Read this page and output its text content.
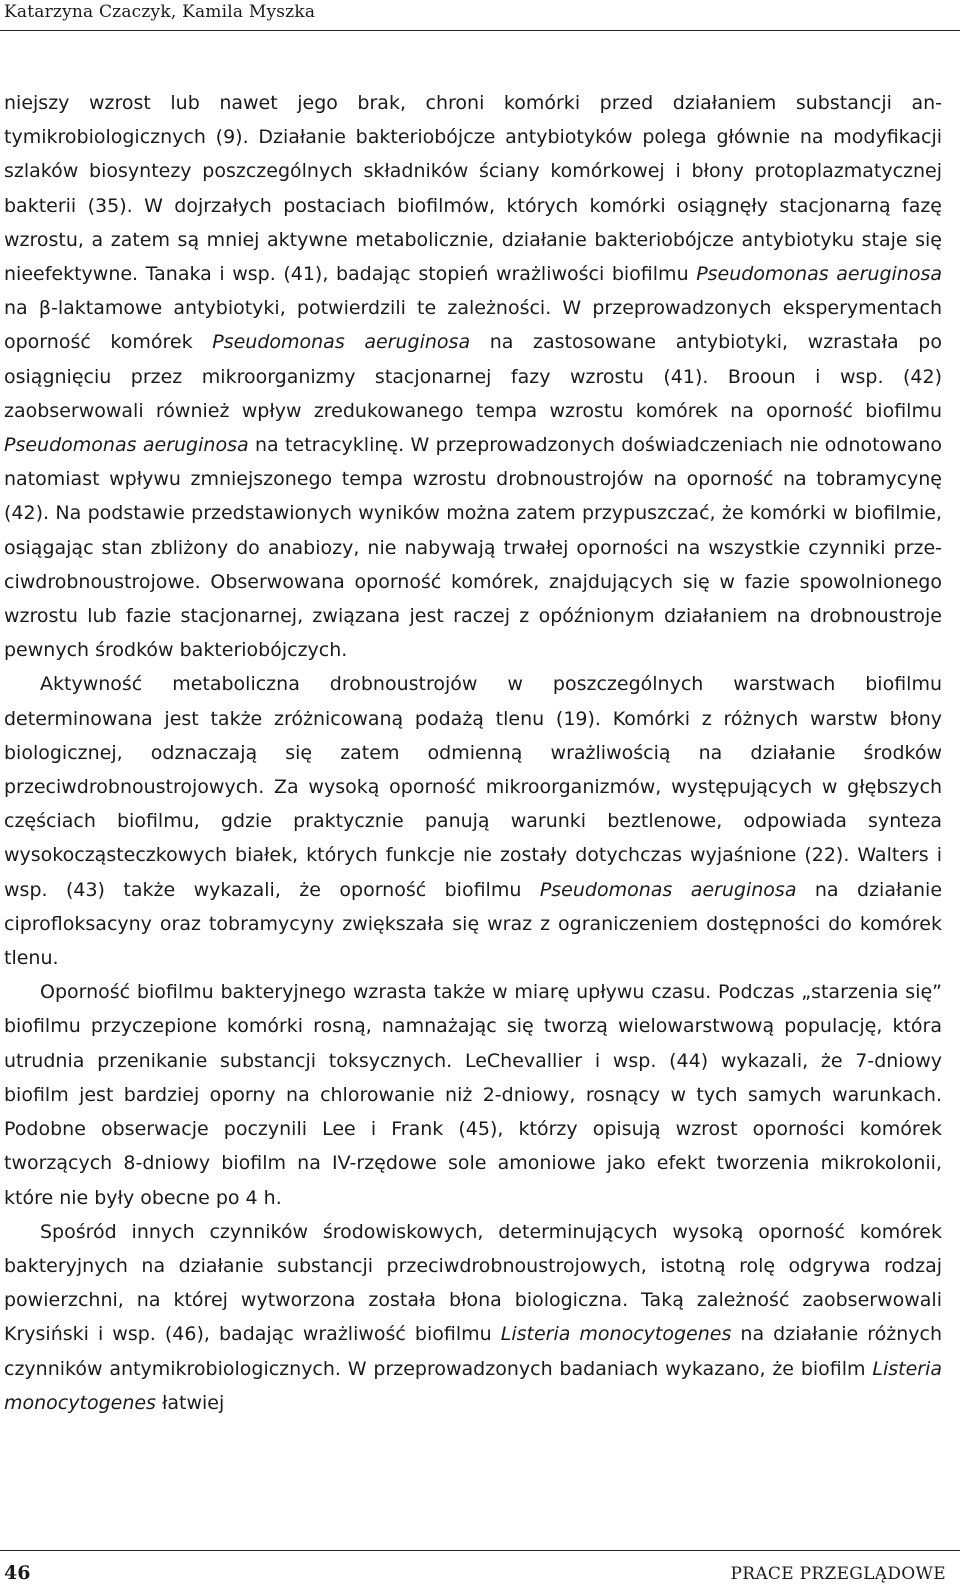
Katarzyna Czaczyk, Kamila Myszka

niejszy wzrost lub nawet jego brak, chroni komórki przed działaniem substancji antymikrobiologicznych (9). Działanie bakteriobójcze antybiotyków polega głównie na modyfikacji szlaków biosyntezy poszczególnych składników ściany komórkowej i błony protoplazmatycznej bakterii (35). W dojrzałych postaciach biofilmów, których komórki osiągnęły stacjonarną fazę wzrostu, a zatem są mniej aktywne metabolicznie, działanie bakteriobójcze antybiotyku staje się nieefektywne. Tanaka i wsp. (41), badając stopień wrażliwości biofilmu Pseudomonas aeruginosa na β-laktamowe antybiotyki, potwierdzili te zależności. W przeprowadzonych eksperymentach oporność komórek Pseudomonas aeruginosa na zastosowane antybiotyki, wzrastała po osiągnięciu przez mikroorganizmy stacjonarnej fazy wzrostu (41). Brooun i wsp. (42) zaobserwowali również wpływ zredukowanego tempa wzrostu komórek na oporność biofilmu Pseudomonas aeruginosa na tetracyklinę. W przeprowadzonych doświadczeniach nie odnotowano natomiast wpływu zmniejszonego tempa wzrostu drobnoustrojów na oporność na tobramycynę (42). Na podstawie przedstawionych wyników można zatem przypuszczać, że komórki w biofilmie, osiągając stan zbliżony do anabiozy, nie nabywają trwałej oporności na wszystkie czynniki przeciwdrobnoustrojowe. Obserwowana oporność komórek, znajdujących się w fazie spowolnionego wzrostu lub fazie stacjonarnej, związana jest raczej z opóźnionym działaniem na drobnoustroje pewnych środków bakteriobójczych.

Aktywność metaboliczna drobnoustrojów w poszczególnych warstwach biofilmu determinowana jest także zróżnicowaną podażą tlenu (19). Komórki z różnych warstw błony biologicznej, odznaczają się zatem odmienną wrażliwością na działanie środków przeciwdrobnoustrojowych. Za wysoką oporność mikroorganizmów, występujących w głębszych częściach biofilmu, gdzie praktycznie panują warunki beztlenowe, odpowiada synteza wysokocząsteczkowych białek, których funkcje nie zostały dotychczas wyjaśnione (22). Walters i wsp. (43) także wykazali, że oporność biofilmu Pseudomonas aeruginosa na działanie ciprofloksacyny oraz tobramycyny zwiększała się wraz z ograniczeniem dostępności do komórek tlenu.

Oporność biofilmu bakteryjnego wzrasta także w miarę upływu czasu. Podczas „starzenia się” biofilmu przyczepione komórki rosną, namnażając się tworzą wielowarstwową populację, która utrudnia przenikanie substancji toksycznych. LeChevallier i wsp. (44) wykazali, że 7-dniowy biofilm jest bardziej oporny na chlorowanie niż 2-dniowy, rosnący w tych samych warunkach. Podobne obserwacje poczynili Lee i Frank (45), którzy opisują wzrost oporności komórek tworzących 8-dniowy biofilm na IV-rzędowe sole amoniowe jako efekt tworzenia mikrokolonii, które nie były obecne po 4 h.

Spośród innych czynników środowiskowych, determinujących wysoką oporność komórek bakteryjnych na działanie substancji przeciwdrobnoustrojowych, istotną rolę odgrywa rodzaj powierzchni, na której wytworzona została błona biologiczna. Taką zależność zaobserwowali Krysiński i wsp. (46), badając wrażliwość biofilmu Listeria monocytogenes na działanie różnych czynników antymikrobiologicznych. W przeprowadzonych badaniach wykazano, że biofilm Listeria monocytogenes łatwiej

46	PRACE PRZEGLĄDOWE
